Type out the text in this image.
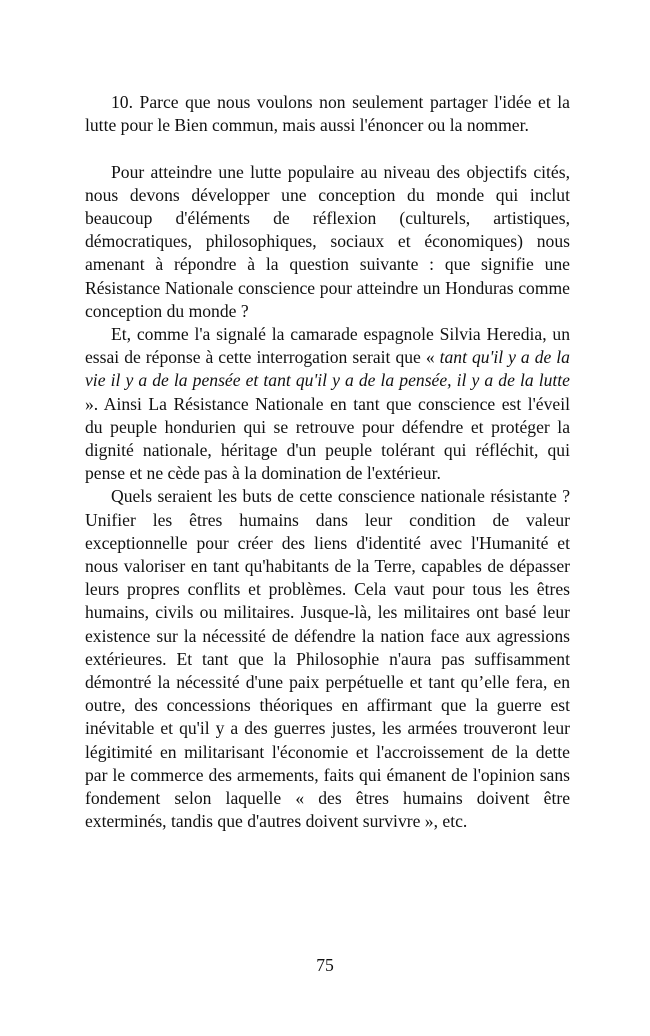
10. Parce que nous voulons non seulement partager l'idée et la lutte pour le Bien commun, mais aussi l'énoncer ou la nommer.

Pour atteindre une lutte populaire au niveau des objectifs cités, nous devons développer une conception du monde qui inclut beaucoup d'éléments de réflexion (culturels, artistiques, démocratiques, philosophiques, sociaux et économiques) nous amenant à répondre à la question suivante : que signifie une Résistance Nationale conscience pour atteindre un Honduras comme conception du monde ?

Et, comme l'a signalé la camarade espagnole Silvia Heredia, un essai de réponse à cette interrogation serait que « tant qu'il y a de la vie il y a de la pensée et tant qu'il y a de la pensée, il y a de la lutte ». Ainsi La Résistance Nationale en tant que conscience est l'éveil du peuple hondurien qui se retrouve pour défendre et protéger la dignité nationale, héritage d'un peuple tolérant qui réfléchit, qui pense et ne cède pas à la domination de l'extérieur.

Quels seraient les buts de cette conscience nationale résistante ? Unifier les êtres humains dans leur condition de valeur exceptionnelle pour créer des liens d'identité avec l'Humanité et nous valoriser en tant qu'habitants de la Terre, capables de dépasser leurs propres conflits et problèmes. Cela vaut pour tous les êtres humains, civils ou militaires. Jusque-là, les militaires ont basé leur existence sur la nécessité de défendre la nation face aux agressions extérieures. Et tant que la Philosophie n'aura pas suffisamment démontré la nécessité d'une paix perpétuelle et tant qu’elle fera, en outre, des concessions théoriques en affirmant que la guerre est inévitable et qu'il y a des guerres justes, les armées trouveront leur légitimité en militarisant l'économie et l'accroissement de la dette par le commerce des armements, faits qui émanent de l'opinion sans fondement selon laquelle « des êtres humains doivent être exterminés, tandis que d'autres doivent survivre », etc.

75
